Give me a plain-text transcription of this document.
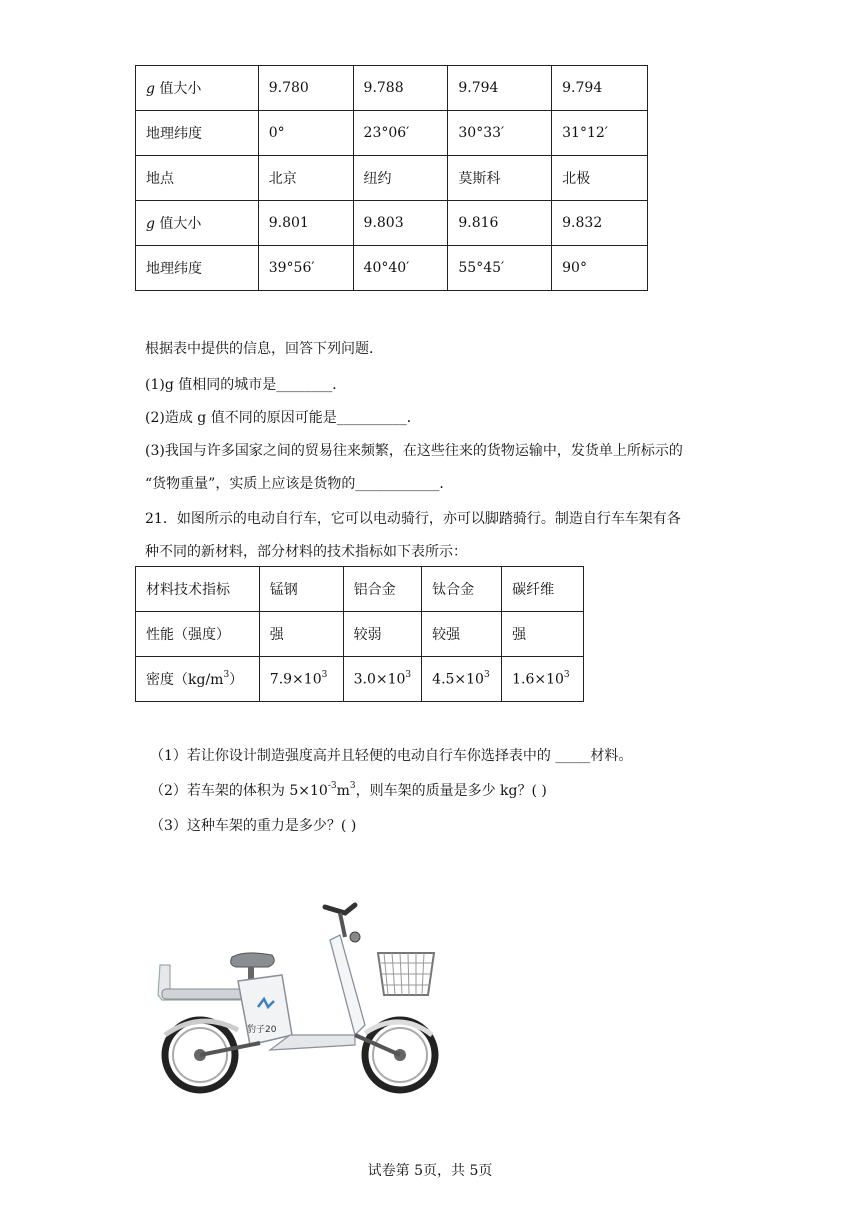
g 值大小	9.780	9.788	9.794	9.794
地理纬度	0°	23°06′	30°33′	31°12′
地点	北京	纽约	莫斯科	北极
g 值大小	9.801	9.803	9.816	9.832
地理纬度	39°56′	40°40′	55°45′	90°
根据表中提供的信息，回答下列问题．
(1)g 值相同的城市是________．
(2)造成 g 值不同的原因可能是__________．
(3)我国与许多国家之间的贸易往来频繁，在这些往来的货物运输中，发货单上所标示的
“货物重量”，实质上应该是货物的____________．
21．如图所示的电动自行车，它可以电动骑行，亦可以脚踏骑行。制造自行车车架有各
种不同的新材料，部分材料的技术指标如下表所示：
材料技术指标	锰钢	铝合金	钛合金	碳纤维
性能（强度）	强	较弱	较强	强
密度$(kg/m^3)$	$7.9\times 10^3$	$3.0\times 10^3$	$4.5\times 10^3$	$1.6\times 10^3$
（1）若让你设计制造强度高并且轻便的电动自行车你选择表中的 _____材料。
（2）若车架的体积为 $5\times 10^{-3}m^3$，则车架的质量是多少 kg？( )
（3）这种车架的重力是多少？( )
豹子20
试卷第 5页，共 5页
